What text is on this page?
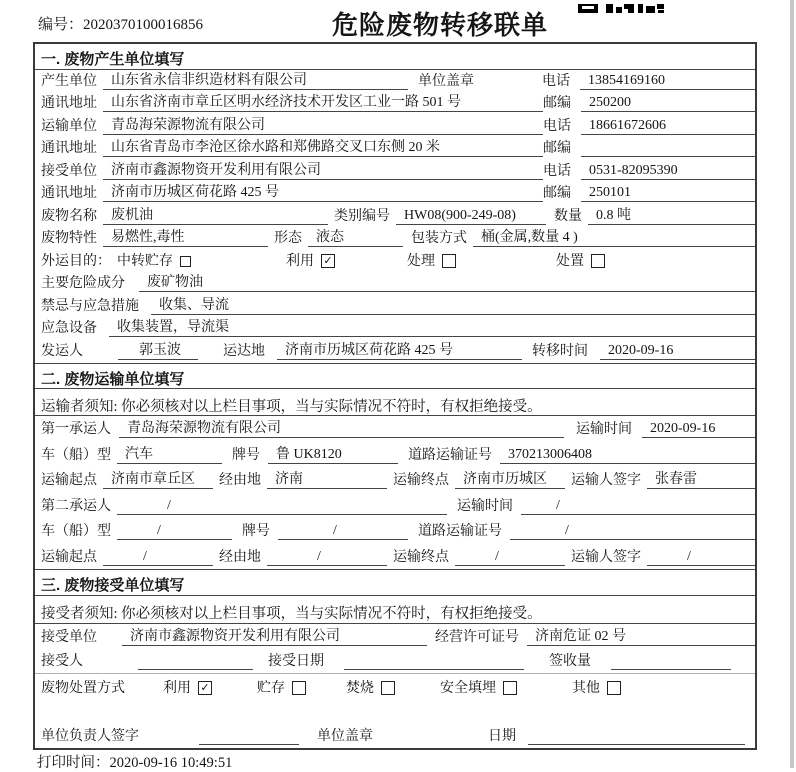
编号：2020370100016856	危险废物转移联单
一. 废物产生单位填写
产生单位	山东省永信非织造材料有限公司	单位盖章	电话	13854169160
通讯地址	山东省济南市章丘区明水经济技术开发区工业一路 501 号	邮编	250200
运输单位	青岛海荣源物流有限公司	电话	18661672606
通讯地址	山东省青岛市李沧区徐水路和郑佛路交叉口东侧 20 米	邮编
接受单位	济南市鑫源物资开发利用有限公司	电话	0531-82095390
通讯地址	济南市历城区荷花路 425 号	邮编	250101
废物名称	废机油	类别编号	HW08(900-249-08)	数量	0.8 吨
废物特性	易燃性,毒性	形态	液态	包装方式	桶(金属,数量 4 )
外运目的： 中转贮存	利用 ✓	处理	处置
主要危险成分	废矿物油
禁忌与应急措施	收集、导流
应急设备	收集装置，导流渠
发运人	郭玉波	运达地	济南市历城区荷花路 425 号	转移时间	2020-09-16
二. 废物运输单位填写
运输者须知: 你必须核对以上栏目事项，当与实际情况不符时，有权拒绝接受。
第一承运人	青岛海荣源物流有限公司	运输时间	2020-09-16
车（船）型	汽车	牌号	鲁 UK8120	道路运输证号	370213006408
运输起点	济南市章丘区	经由地	济南	运输终点	济南市历城区	运输人签字	张春雷
第二承运人	/	运输时间	/
车（船）型	/	牌号	/	道路运输证号	/
运输起点	/	经由地	/	运输终点	/	运输人签字	/
三. 废物接受单位填写
接受者须知: 你必须核对以上栏目事项，当与实际情况不符时，有权拒绝接受。
接受单位	济南市鑫源物资开发利用有限公司	经营许可证号	济南危证 02 号
接受人	接受日期	签收量
废物处置方式	利用 ✓	贮存	焚烧	安全填埋	其他
单位负责人签字	单位盖章	日期
打印时间：2020-09-16 10:49:51
